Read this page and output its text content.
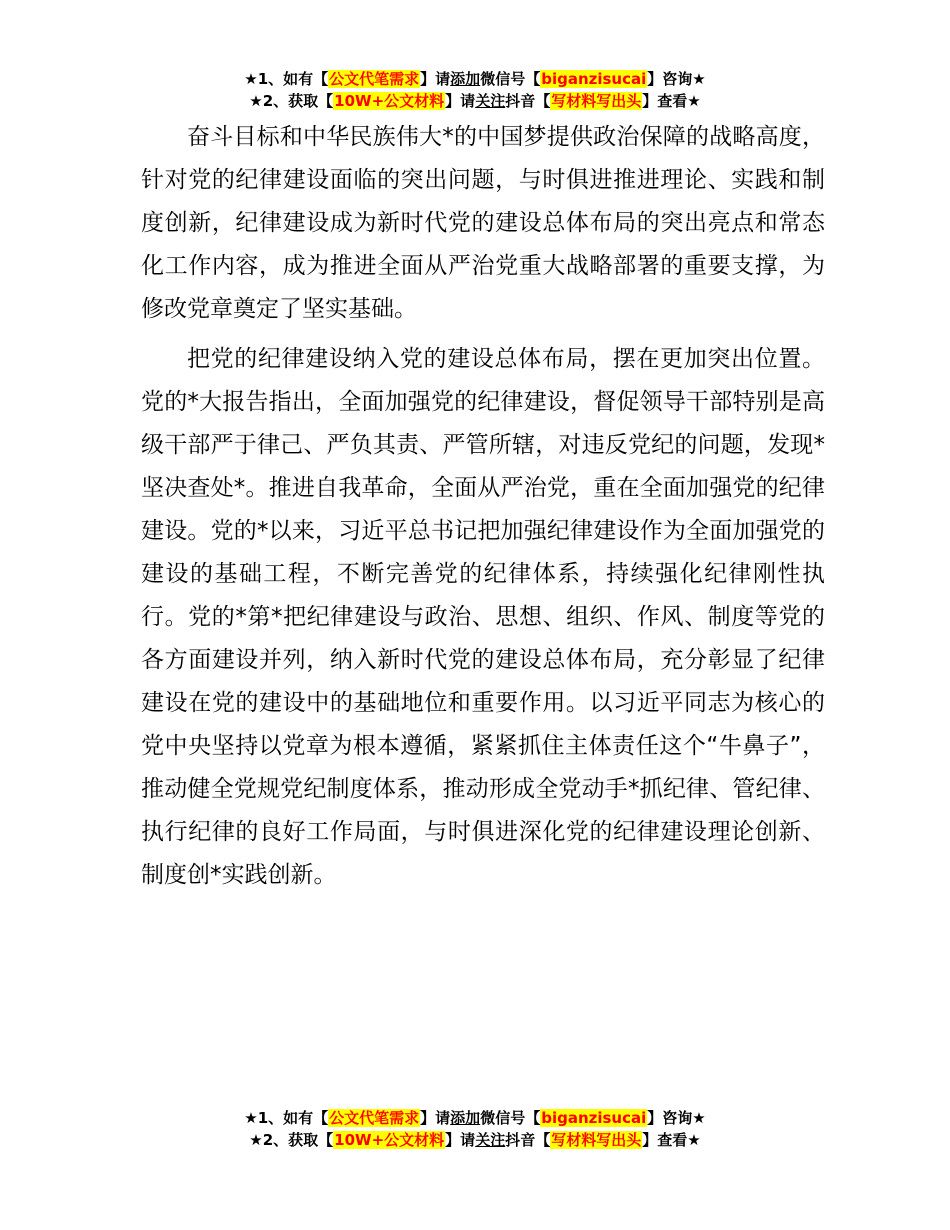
★1、如有【公文代笔需求】请添加微信号【biganzisucai】咨询★
★2、获取【10W+公文材料】请关注抖音【写材料写出头】查看★

奋斗目标和中华民族伟大*的中国梦提供政治保障的战略高度，针对党的纪律建设面临的突出问题，与时俱进推进理论、实践和制度创新，纪律建设成为新时代党的建设总体布局的突出亮点和常态化工作内容，成为推进全面从严治党重大战略部署的重要支撑，为修改党章奠定了坚实基础。

把党的纪律建设纳入党的建设总体布局，摆在更加突出位置。党的*大报告指出，全面加强党的纪律建设，督促领导干部特别是高级干部严于律己、严负其责、严管所辖，对违反党纪的问题，发现*坚决查处*。推进自我革命，全面从严治党，重在全面加强党的纪律建设。党的*以来，习近平总书记把加强纪律建设作为全面加强党的建设的基础工程，不断完善党的纪律体系，持续强化纪律刚性执行。党的*第*把纪律建设与政治、思想、组织、作风、制度等党的各方面建设并列，纳入新时代党的建设总体布局，充分彰显了纪律建设在党的建设中的基础地位和重要作用。以习近平同志为核心的党中央坚持以党章为根本遵循，紧紧抓住主体责任这个“牛鼻子”，推动健全党规党纪制度体系，推动形成全党动手*抓纪律、管纪律、执行纪律的良好工作局面，与时俱进深化党的纪律建设理论创新、制度创*实践创新。

★1、如有【公文代笔需求】请添加微信号【biganzisucai】咨询★
★2、获取【10W+公文材料】请关注抖音【写材料写出头】查看★
